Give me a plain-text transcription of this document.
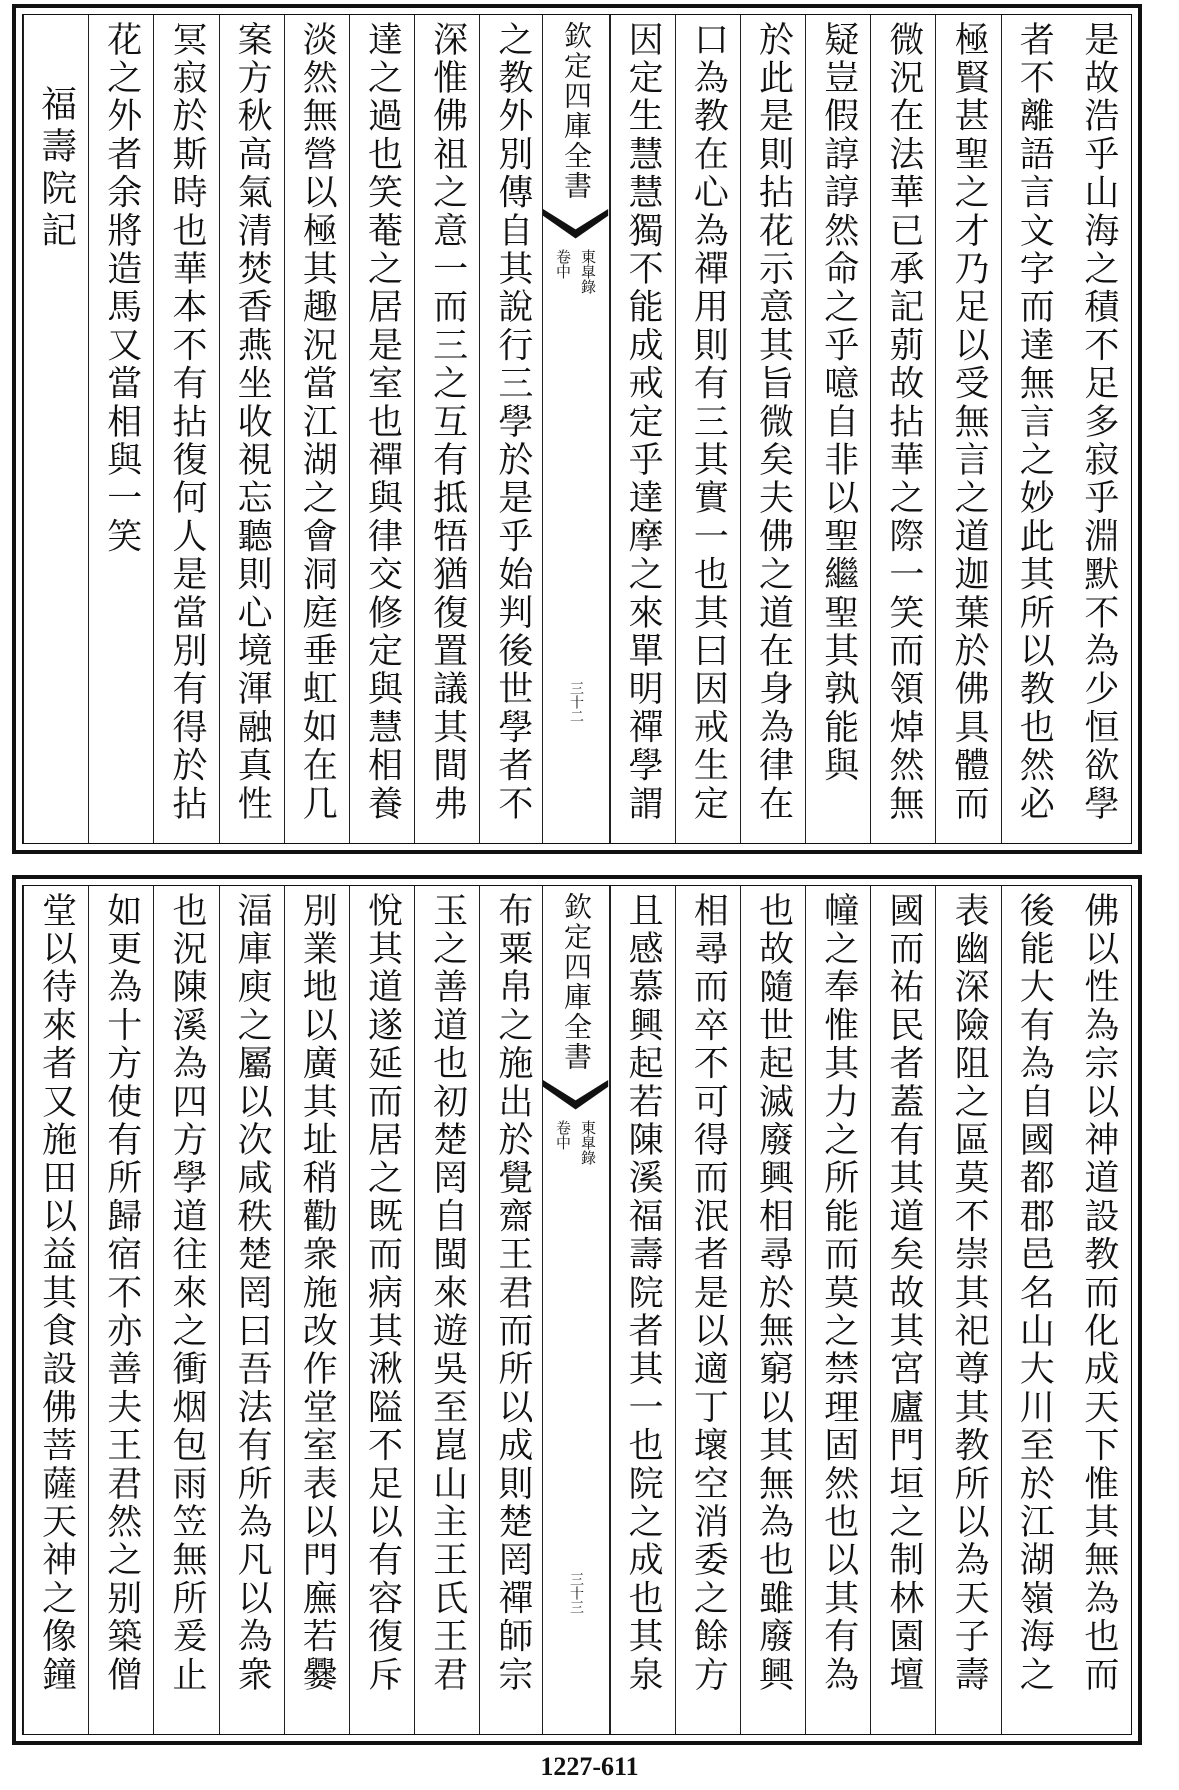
是故浩乎山海之積不足多寂乎淵默不為少恒欲學
者不離語言文字而達無言之妙此其所以教也然必
極賢甚聖之才乃足以受無言之道迦葉於佛具體而
微況在法華已承記莂故拈華之際一笑而領焯然無
疑豈假諄諄然命之乎噫自非以聖繼聖其孰能與
於此是則拈花示意其旨微矣夫佛之道在身為律在
口為教在心為禪用則有三其實一也其曰因戒生定
因定生慧慧獨不能成戒定乎達摩之來單明禪學謂
欽定四庫全書
東皐錄
卷中
三十二
之教外別傳自其說行三學於是乎始判後世學者不
深惟佛祖之意一而三之互有抵牾猶復置議其間弗
達之過也笑菴之居是室也禪與律交修定與慧相養
淡然無營以極其趣況當江湖之會洞庭垂虹如在几
案方秋高氣清焚香燕坐收視忘聽則心境渾融真性
冥寂於斯時也華本不有拈復何人是當別有得於拈
花之外者余將造馬又當相與一笑
福壽院記
佛以性為宗以神道設教而化成天下惟其無為也而
後能大有為自國都郡邑名山大川至於江湖嶺海之
表幽深險阻之區莫不崇其祀尊其教所以為天子壽
國而祐民者蓋有其道矣故其宮廬門垣之制林園壇
幢之奉惟其力之所能而莫之禁理固然也以其有為
也故隨世起滅廢興相尋於無窮以其無為也雖廢興
相尋而卒不可得而泯者是以適丁壞空消委之餘方
且感慕興起若陳溪福壽院者其一也院之成也其泉
欽定四庫全書
東皐錄
卷中
三十三
布粟帛之施出於覺齋王君而所以成則楚罔禪師宗
玉之善道也初楚罔自閩來遊吳至崑山主王氏王君
悅其道遂延而居之既而病其湫隘不足以有容復斥
別業地以廣其址稍勸衆施改作堂室表以門廡若爨
湢庫庾之屬以次咸秩楚罔曰吾法有所為凡以為衆
也況陳溪為四方學道往來之衝烟包雨笠無所爰止
如更為十方使有所歸宿不亦善夫王君然之别築僧
堂以待來者又施田以益其食設佛菩薩天神之像鐘
1227-611
